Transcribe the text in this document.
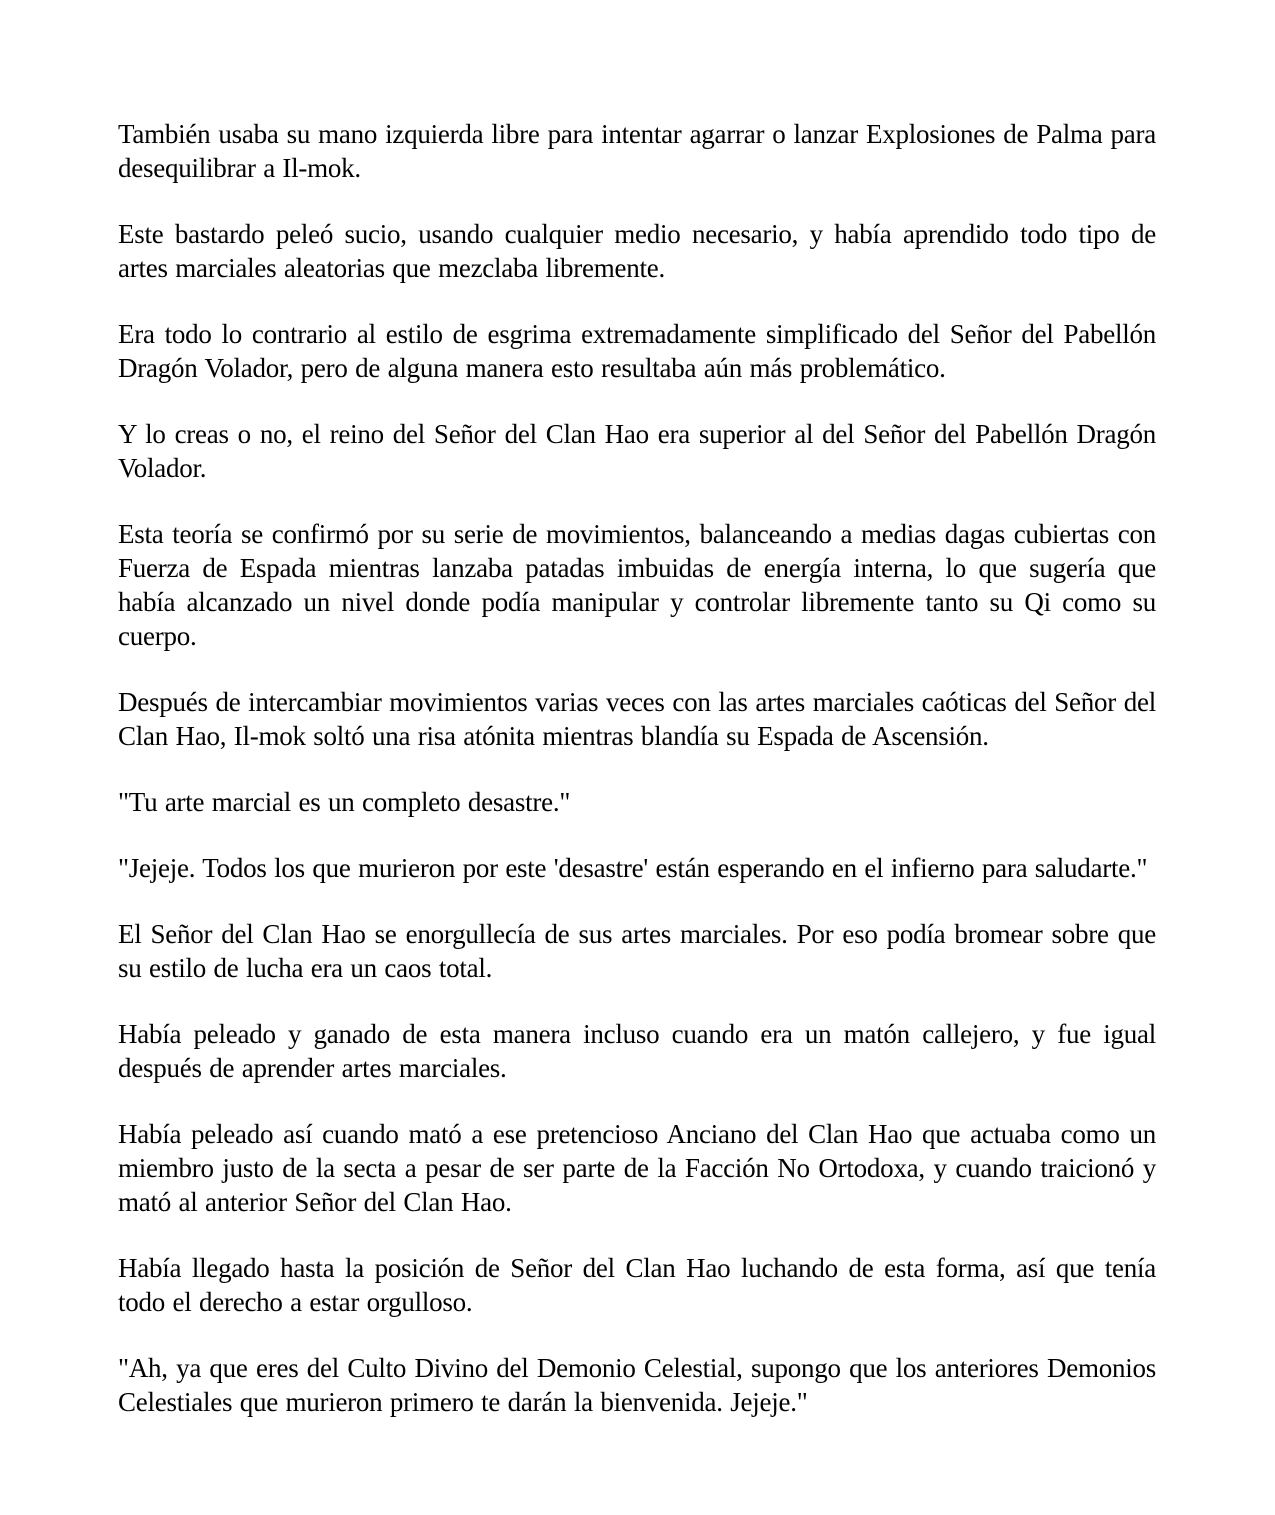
También usaba su mano izquierda libre para intentar agarrar o lanzar Explosiones de Palma para desequilibrar a Il-mok.

Este bastardo peleó sucio, usando cualquier medio necesario, y había aprendido todo tipo de artes marciales aleatorias que mezclaba libremente.

Era todo lo contrario al estilo de esgrima extremadamente simplificado del Señor del Pabellón Dragón Volador, pero de alguna manera esto resultaba aún más problemático.

Y lo creas o no, el reino del Señor del Clan Hao era superior al del Señor del Pabellón Dragón Volador.

Esta teoría se confirmó por su serie de movimientos, balanceando a medias dagas cubiertas con Fuerza de Espada mientras lanzaba patadas imbuidas de energía interna, lo que sugería que había alcanzado un nivel donde podía manipular y controlar libremente tanto su Qi como su cuerpo.

Después de intercambiar movimientos varias veces con las artes marciales caóticas del Señor del Clan Hao, Il-mok soltó una risa atónita mientras blandía su Espada de Ascensión.

"Tu arte marcial es un completo desastre."

"Jejeje. Todos los que murieron por este 'desastre' están esperando en el infierno para saludarte."

El Señor del Clan Hao se enorgullecía de sus artes marciales. Por eso podía bromear sobre que su estilo de lucha era un caos total.

Había peleado y ganado de esta manera incluso cuando era un matón callejero, y fue igual después de aprender artes marciales.

Había peleado así cuando mató a ese pretencioso Anciano del Clan Hao que actuaba como un miembro justo de la secta a pesar de ser parte de la Facción No Ortodoxa, y cuando traicionó y mató al anterior Señor del Clan Hao.

Había llegado hasta la posición de Señor del Clan Hao luchando de esta forma, así que tenía todo el derecho a estar orgulloso.

"Ah, ya que eres del Culto Divino del Demonio Celestial, supongo que los anteriores Demonios Celestiales que murieron primero te darán la bienvenida. Jejeje."
